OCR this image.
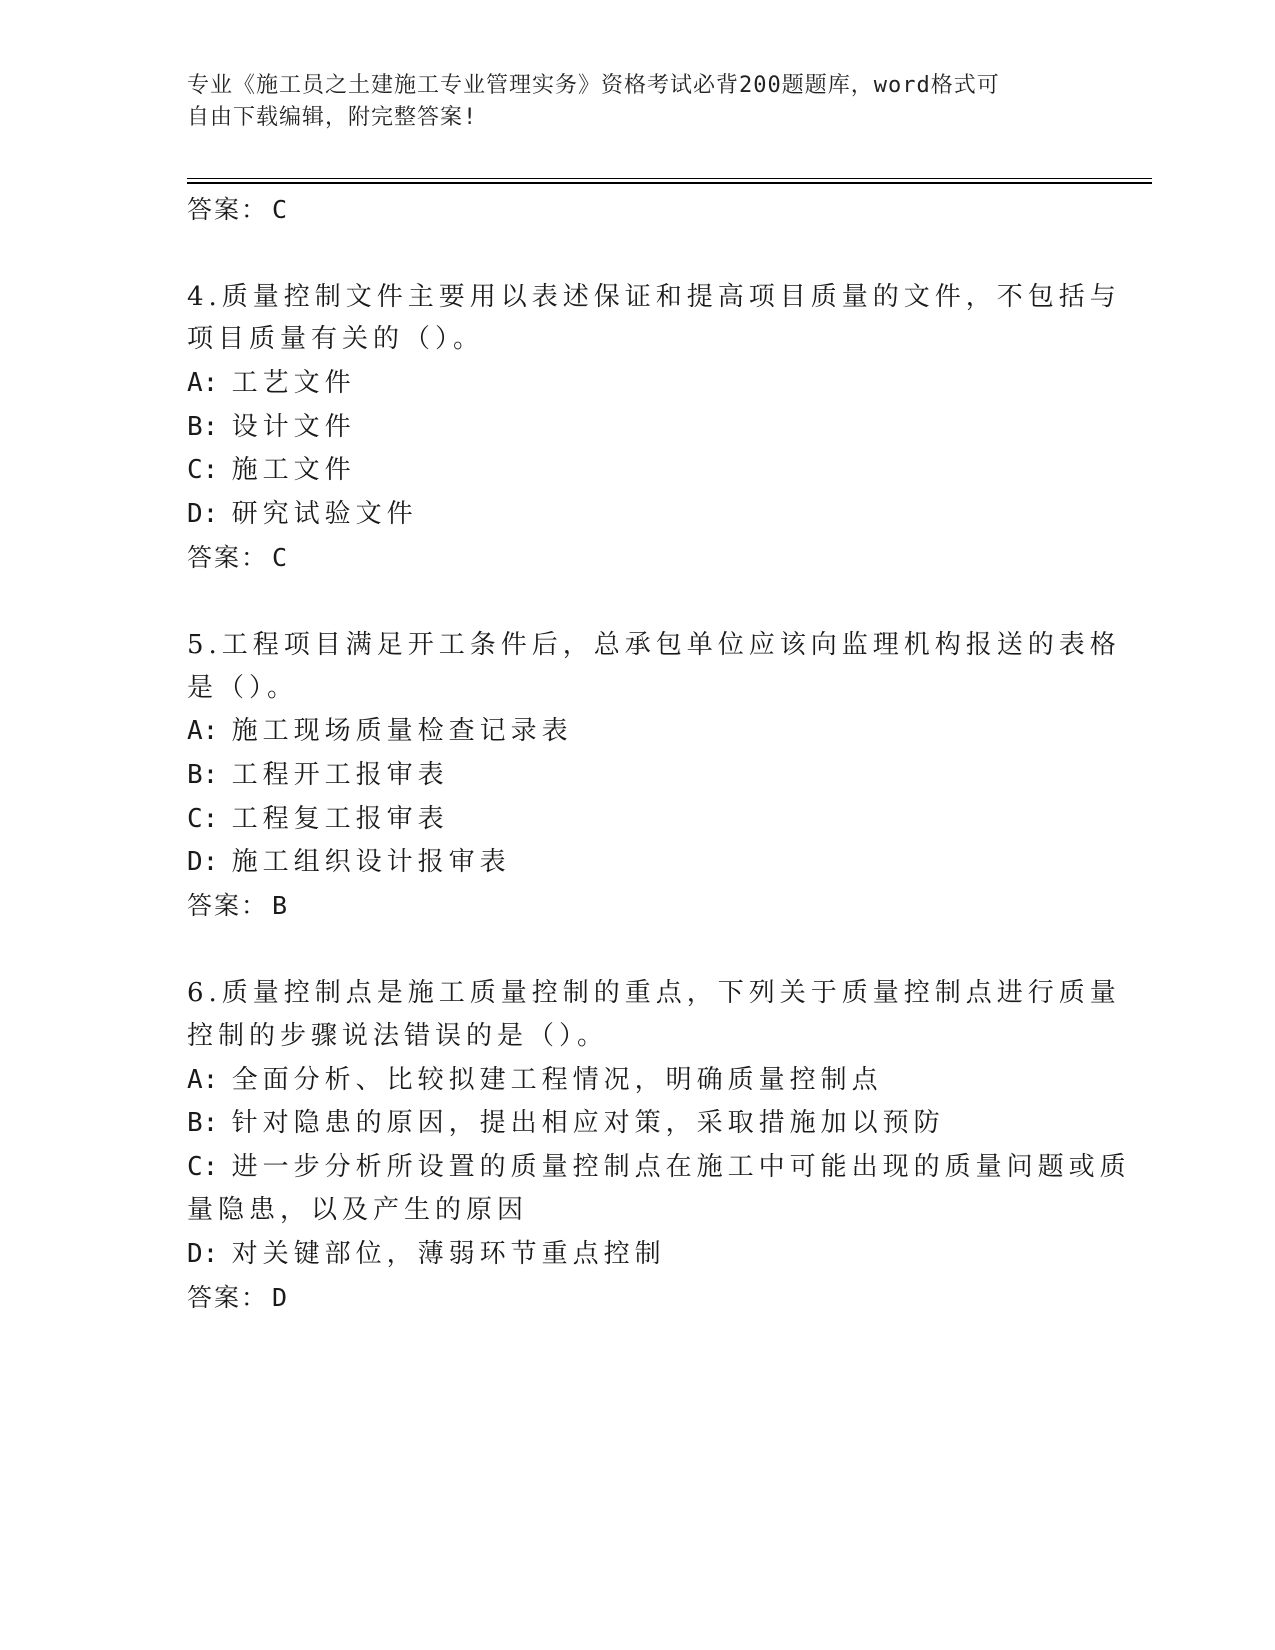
专业《施工员之土建施工专业管理实务》资格考试必背200题题库，word格式可
自由下载编辑，附完整答案!
答案： C
4.质量控制文件主要用以表述保证和提高项目质量的文件，不包括与
项目质量有关的（）。
A: 工艺文件
B: 设计文件
C: 施工文件
D: 研究试验文件
答案： C
5.工程项目满足开工条件后，总承包单位应该向监理机构报送的表格
是（）。
A: 施工现场质量检查记录表
B: 工程开工报审表
C: 工程复工报审表
D: 施工组织设计报审表
答案： B
6.质量控制点是施工质量控制的重点，下列关于质量控制点进行质量
控制的步骤说法错误的是（）。
A: 全面分析、比较拟建工程情况，明确质量控制点
B: 针对隐患的原因，提出相应对策，采取措施加以预防
C: 进一步分析所设置的质量控制点在施工中可能出现的质量问题或质
量隐患，以及产生的原因
D: 对关键部位，薄弱环节重点控制
答案： D
